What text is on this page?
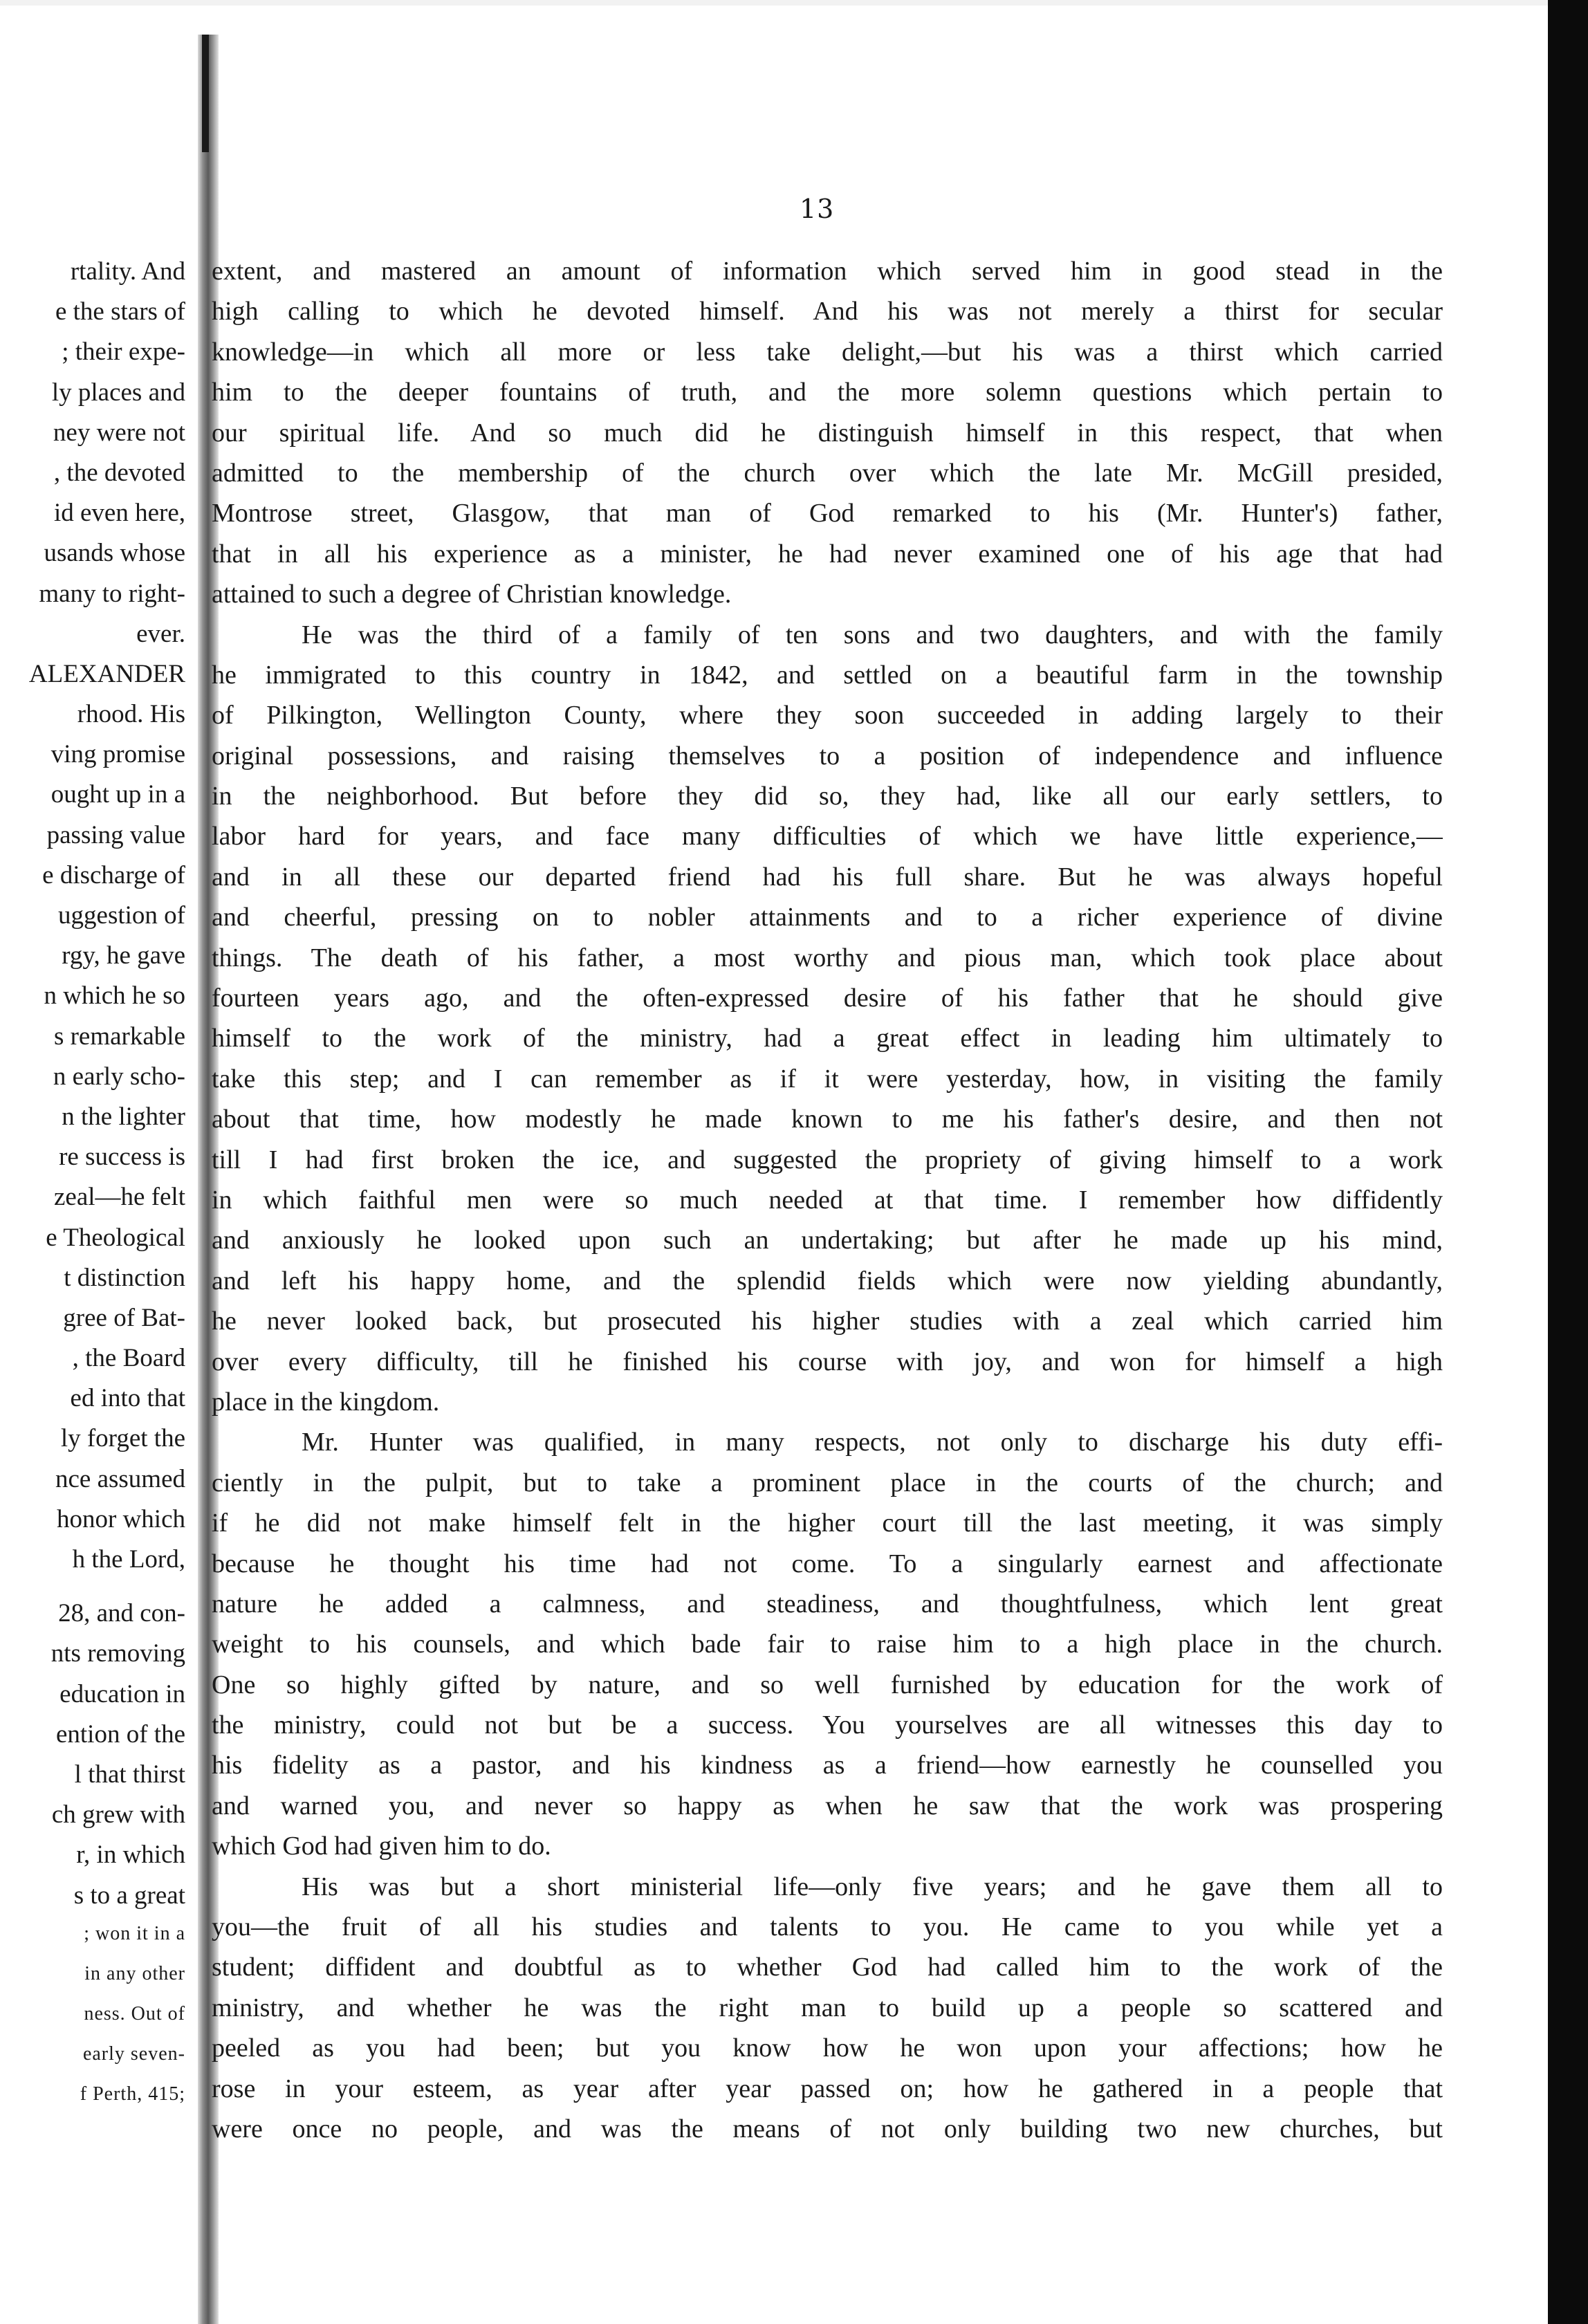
13
rtality. And
e the stars of
; their expe-
ly places and
ney were not
, the devoted
id even here,
usands whose
many to right-
ever.
ALEXANDER
rhood. His
ving promise
ought up in a
passing value
e discharge of
uggestion of
rgy, he gave
n which he so
s remarkable
n early scho-
n the lighter
re success is
zeal—he felt
e Theological
t distinction
gree of Bat-
, the Board
ed into that
ly forget the
nce assumed
honor which
h the Lord,
28, and con-
nts removing
education in
ention of the
l that thirst
ch grew with
r, in which
s to a great
; won it in a
in any other
ness. Out of
early seven-
f Perth, 415;
extent, and mastered an amount of information which served him in good stead in the
high calling to which he devoted himself. And his was not merely a thirst for secular
knowledge—in which all more or less take delight,—but his was a thirst which carried
him to the deeper fountains of truth, and the more solemn questions which pertain to
our spiritual life. And so much did he distinguish himself in this respect, that when
admitted to the membership of the church over which the late Mr. McGill presided,
Montrose street, Glasgow, that man of God remarked to his (Mr. Hunter's) father,
that in all his experience as a minister, he had never examined one of his age that had
attained to such a degree of Christian knowledge.
He was the third of a family of ten sons and two daughters, and with the family
he immigrated to this country in 1842, and settled on a beautiful farm in the township
of Pilkington, Wellington County, where they soon succeeded in adding largely to their
original possessions, and raising themselves to a position of independence and influence
in the neighborhood. But before they did so, they had, like all our early settlers, to
labor hard for years, and face many difficulties of which we have little experience,—
and in all these our departed friend had his full share. But he was always hopeful
and cheerful, pressing on to nobler attainments and to a richer experience of divine
things. The death of his father, a most worthy and pious man, which took place about
fourteen years ago, and the often-expressed desire of his father that he should give
himself to the work of the ministry, had a great effect in leading him ultimately to
take this step; and I can remember as if it were yesterday, how, in visiting the family
about that time, how modestly he made known to me his father's desire, and then not
till I had first broken the ice, and suggested the propriety of giving himself to a work
in which faithful men were so much needed at that time. I remember how diffidently
and anxiously he looked upon such an undertaking; but after he made up his mind,
and left his happy home, and the splendid fields which were now yielding abundantly,
he never looked back, but prosecuted his higher studies with a zeal which carried him
over every difficulty, till he finished his course with joy, and won for himself a high
place in the kingdom.
Mr. Hunter was qualified, in many respects, not only to discharge his duty effi-
ciently in the pulpit, but to take a prominent place in the courts of the church; and
if he did not make himself felt in the higher court till the last meeting, it was simply
because he thought his time had not come. To a singularly earnest and affectionate
nature he added a calmness, and steadiness, and thoughtfulness, which lent great
weight to his counsels, and which bade fair to raise him to a high place in the church.
One so highly gifted by nature, and so well furnished by education for the work of
the ministry, could not but be a success. You yourselves are all witnesses this day to
his fidelity as a pastor, and his kindness as a friend—how earnestly he counselled you
and warned you, and never so happy as when he saw that the work was prospering
which God had given him to do.
His was but a short ministerial life—only five years; and he gave them all to
you—the fruit of all his studies and talents to you. He came to you while yet a
student; diffident and doubtful as to whether God had called him to the work of the
ministry, and whether he was the right man to build up a people so scattered and
peeled as you had been; but you know how he won upon your affections; how he
rose in your esteem, as year after year passed on; how he gathered in a people that
were once no people, and was the means of not only building two new churches, but
